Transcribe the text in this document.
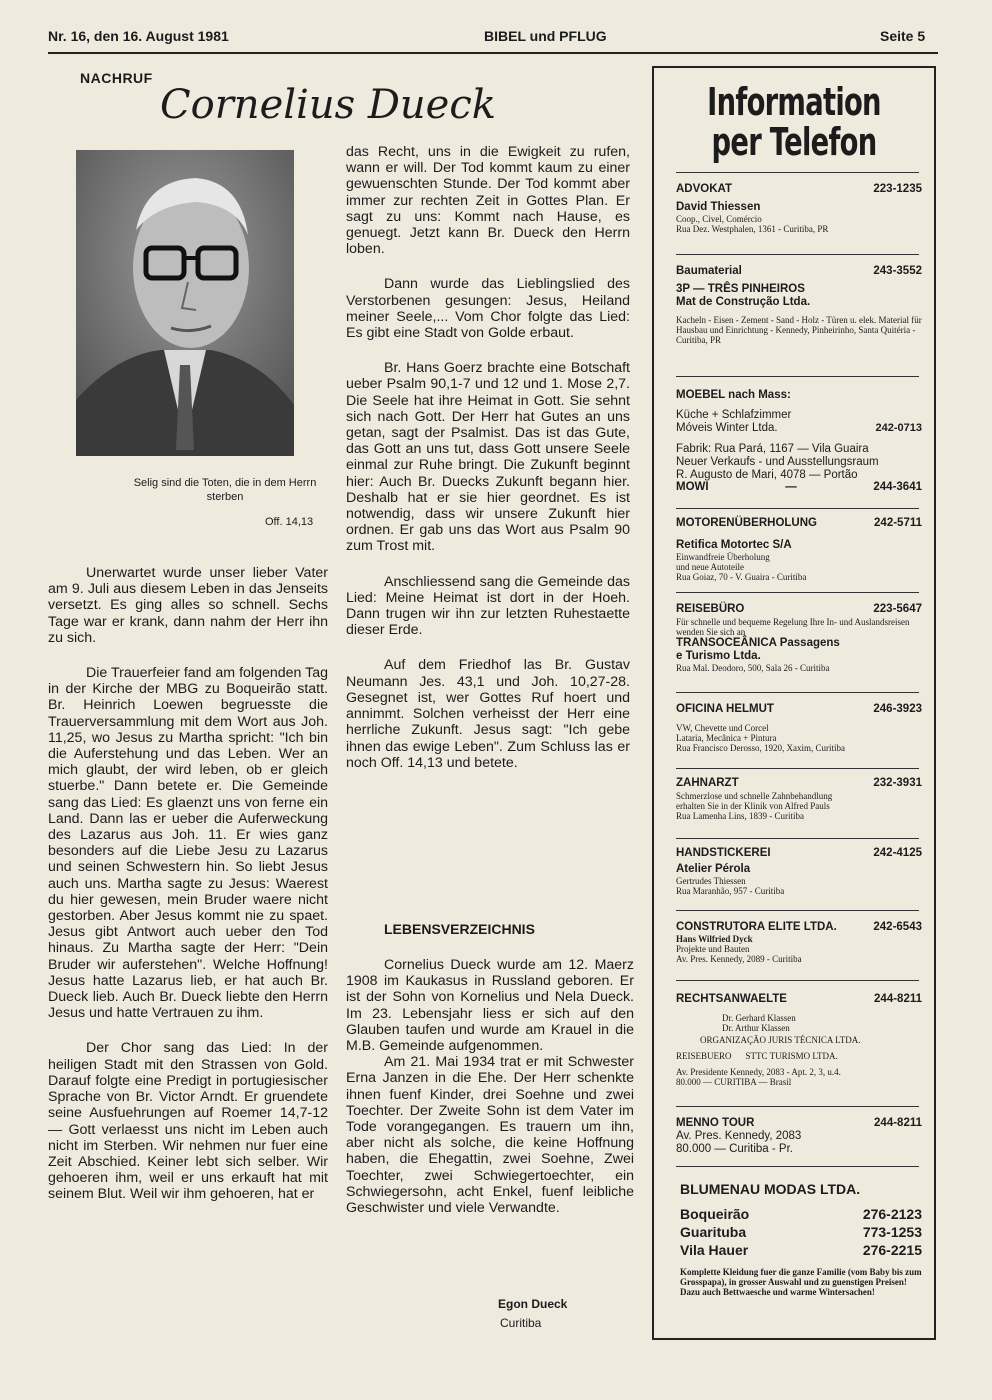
Nr. 16, den 16. August 1981	BIBEL und PFLUG	Seite 5
NACHRUF
Cornelius Dueck
Selig sind die Toten, die in dem Herrn sterben
Off. 14,13

Unerwartet wurde unser lieber Vater am 9. Juli aus diesem Leben in das Jenseits versetzt. Es ging alles so schnell. Sechs Tage war er krank, dann nahm der Herr ihn zu sich.

Die Trauerfeier fand am folgenden Tag in der Kirche der MBG zu Boqueirão statt. Br. Heinrich Loewen begruesste die Trauerversammlung mit dem Wort aus Joh. 11,25, wo Jesus zu Martha spricht: "Ich bin die Auferstehung und das Leben. Wer an mich glaubt, der wird leben, ob er gleich stuerbe." Dann betete er. Die Gemeinde sang das Lied: Es glaenzt uns von ferne ein Land. Dann las er ueber die Auferweckung des Lazarus aus Joh. 11. Er wies ganz besonders auf die Liebe Jesu zu Lazarus und seinen Schwestern hin. So liebt Jesus auch uns. Martha sagte zu Jesus: Waerest du hier gewesen, mein Bruder waere nicht gestorben. Aber Jesus kommt nie zu spaet. Jesus gibt Antwort auch ueber den Tod hinaus. Zu Martha sagte der Herr: "Dein Bruder wir auferstehen". Welche Hoffnung! Jesus hatte Lazarus lieb, er hat auch Br. Dueck lieb. Auch Br. Dueck liebte den Herrn Jesus und hatte Vertrauen zu ihm.

Der Chor sang das Lied: In der heiligen Stadt mit den Strassen von Gold. Darauf folgte eine Predigt in portugiesischer Sprache von Br. Victor Arndt. Er gruendete seine Ausfuehrungen auf Roemer 14,7-12 — Gott verlaesst uns nicht im Leben auch nicht im Sterben. Wir nehmen nur fuer eine Zeit Abschied. Keiner lebt sich selber. Wir gehoeren ihm, weil er uns erkauft hat mit seinem Blut. Weil wir ihm gehoeren, hat er

das Recht, uns in die Ewigkeit zu rufen, wann er will. Der Tod kommt kaum zu einer gewuenschten Stunde. Der Tod kommt aber immer zur rechten Zeit in Gottes Plan. Er sagt zu uns: Kommt nach Hause, es genuegt. Jetzt kann Br. Dueck den Herrn loben.

Dann wurde das Lieblingslied des Verstorbenen gesungen: Jesus, Heiland meiner Seele,... Vom Chor folgte das Lied: Es gibt eine Stadt von Golde erbaut.

Br. Hans Goerz brachte eine Botschaft ueber Psalm 90,1-7 und 12 und 1. Mose 2,7. Die Seele hat ihre Heimat in Gott. Sie sehnt sich nach Gott. Der Herr hat Gutes an uns getan, sagt der Psalmist. Das ist das Gute, das Gott an uns tut, dass Gott unsere Seele einmal zur Ruhe bringt. Die Zukunft beginnt hier: Auch Br. Duecks Zukunft begann hier. Deshalb hat er sie hier geordnet. Es ist notwendig, dass wir unsere Zukunft hier ordnen. Er gab uns das Wort aus Psalm 90 zum Trost mit.

Anschliessend sang die Gemeinde das Lied: Meine Heimat ist dort in der Hoeh. Dann trugen wir ihn zur letzten Ruhestaette dieser Erde.

Auf dem Friedhof las Br. Gustav Neumann Jes. 43,1 und Joh. 10,27-28. Gesegnet ist, wer Gottes Ruf hoert und annimmt. Solchen verheisst der Herr eine herrliche Zukunft. Jesus sagt: "Ich gebe ihnen das ewige Leben". Zum Schluss las er noch Off. 14,13 und betete.

LEBENSVERZEICHNIS

Cornelius Dueck wurde am 12. Maerz 1908 im Kaukasus in Russland geboren. Er ist der Sohn von Kornelius und Nela Dueck. Im 23. Lebensjahr liess er sich auf den Glauben taufen und wurde am Krauel in die M.B. Gemeinde aufgenommen.

Am 21. Mai 1934 trat er mit Schwester Erna Janzen in die Ehe. Der Herr schenkte ihnen fuenf Kinder, drei Soehne und zwei Toechter. Der Zweite Sohn ist dem Vater im Tode vorangegangen. Es trauern um ihn, aber nicht als solche, die keine Hoffnung haben, die Ehegattin, zwei Soehne, Zwei Toechter, zwei Schwiegertoechter, ein Schwiegersohn, acht Enkel, fuenf leibliche Geschwister und viele Verwandte.

Egon Dueck
Curitiba
Information
per Telefon
ADVOKAT	223-1235
David Thiessen
Coop., Civel, Comércio
Rua Dez. Westphalen, 1361 - Curitiba, PR
Baumaterial	243-3552
3P — TRÊS PINHEIROS
Mat de Construção Ltda.
Kacheln - Eisen - Zement - Sand - Holz - Türen u. elek. Material für Hausbau und Einrichtung - Kennedy, Pinheirinho, Santa Quitéria - Curitiba, PR
MOEBEL nach Mass:
Küche + Schlafzimmer
Móveis Winter Ltda.	242-0713
Fabrik: Rua Pará, 1167 — Vila Guaira
Neuer Verkaufs - und Ausstellungsraum
R. Augusto de Mari, 4078 — Portão
MOWI	—	244-3641
MOTORENÜBERHOLUNG	242-5711
Retifica Motortec S/A
Einwandfreie Überholung
und neue Autoteile
Rua Goiaz, 70 - V. Guaira - Curitiba
REISEBÜRO	223-5647
Für schnelle und bequeme Regelung Ihre In- und Auslandsreisen wenden Sie sich an
TRANSOCEÂNICA Passagens
e Turismo Ltda.
Rua Mal. Deodoro, 500, Sala 26 - Curitiba
OFICINA HELMUT	246-3923
VW, Chevette und Corcel
Lataria, Mecânica + Pintura
Rua Francisco Derosso, 1920, Xaxim, Curitiba
ZAHNARZT	232-3931
Schmerzlose und schnelle Zahnbehandlung
erhalten Sie in der Klinik von Alfred Pauls
Rua Lamenha Lins, 1839 - Curitiba
HANDSTICKEREI	242-4125
Atelier Pérola
Gertrudes Thiessen
Rua Maranhão, 957 - Curitiba
CONSTRUTORA ELITE LTDA.	242-6543
Hans Wilfried Dyck
Projekte und Bauten
Av. Pres. Kennedy, 2089 - Curitiba
RECHTSANWAELTE	244-8211
Dr. Gerhard Klassen
Dr. Arthur Klassen
ORGANIZAÇÃO JURIS TÉCNICA LTDA.
REISEBUERO STTC TURISMO LTDA.
Av. Presidente Kennedy, 2083 - Apt. 2, 3, u.4.
80.000 — CURITIBA — Brasil
MENNO TOUR	244-8211
Av. Pres. Kennedy, 2083
80.000 — Curitiba - Pr.
BLUMENAU MODAS LTDA.
Boqueirão	276-2123
Guarituba	773-1253
Vila Hauer	276-2215
Komplette Kleidung fuer die ganze Familie (vom Baby bis zum Grosspapa), in grosser Auswahl und zu guenstigen Preisen! Dazu auch Bettwaesche und warme Wintersachen!
